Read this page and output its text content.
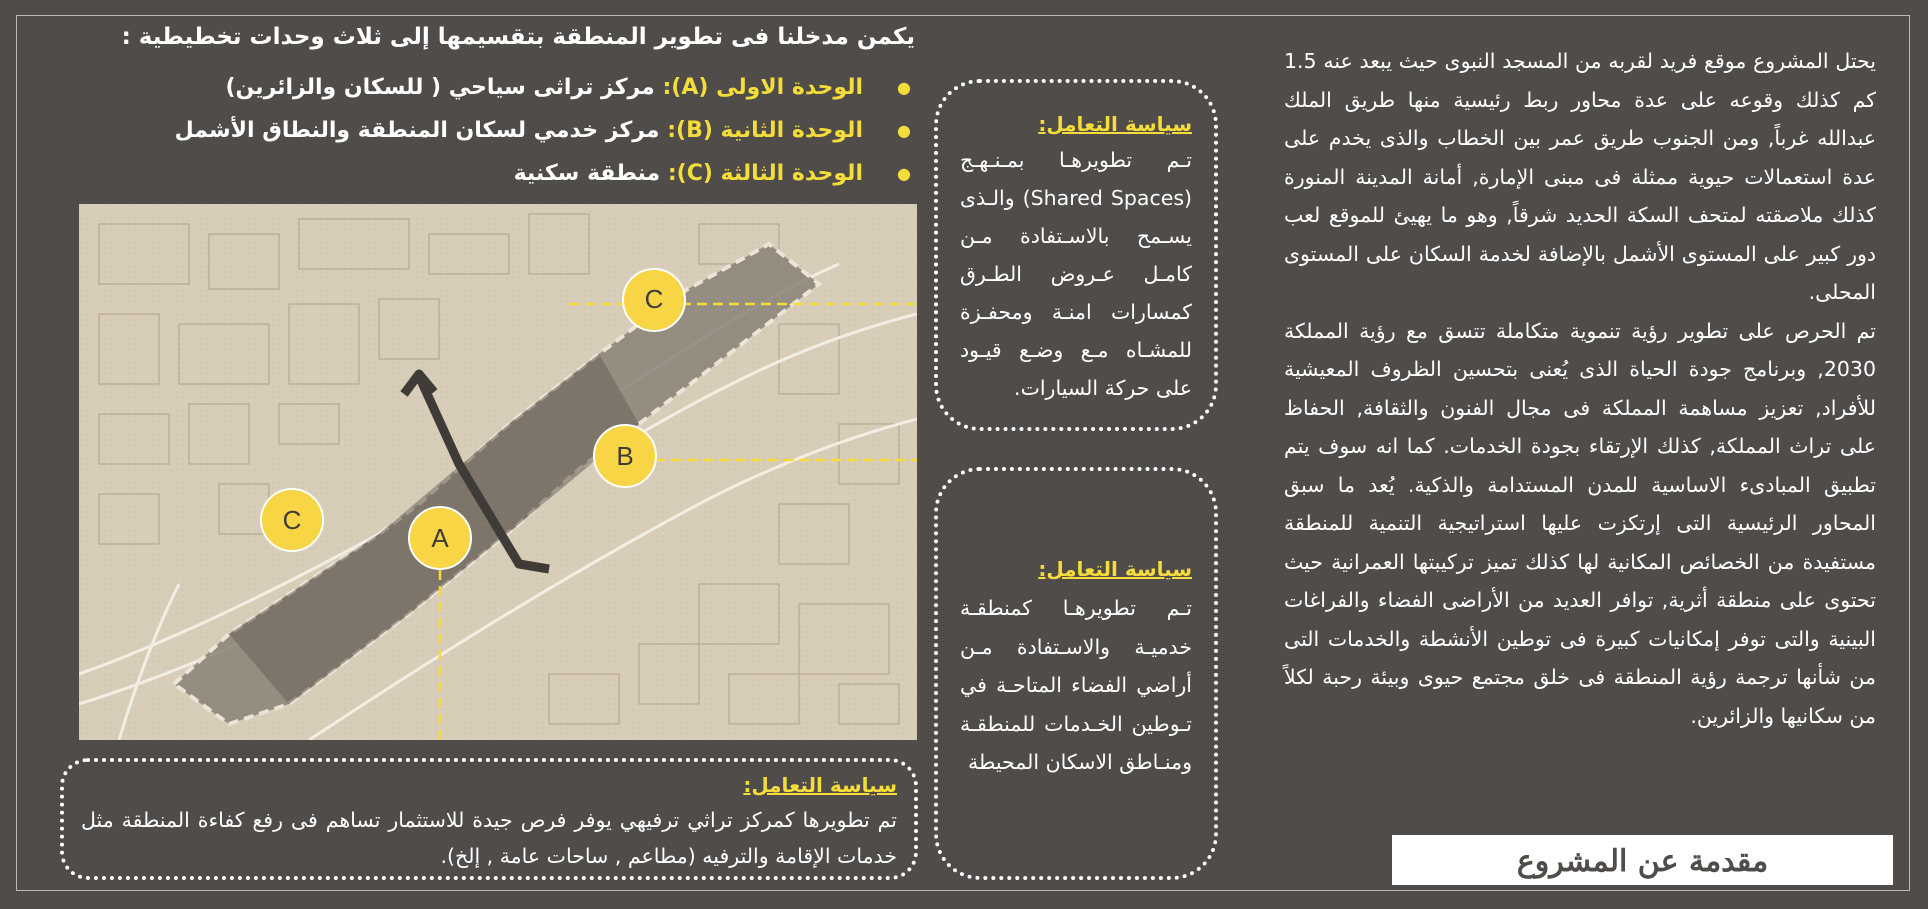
يحتل المشروع موقع فريد لقربه من المسجد النبوى حيث يبعد عنه 1.5 كم كذلك وقوعه على عدة محاور ربط رئيسية منها طريق الملك عبدالله غرباً, ومن الجنوب طريق عمر بين الخطاب والذى يخدم على عدة استعمالات حيوية ممثلة فى مبنى الإمارة, أمانة المدينة المنورة كذلك ملاصقته لمتحف السكة الحديد شرقاً, وهو ما يهيئ للموقع لعب دور كبير على المستوى الأشمل بالإضافة لخدمة السكان على المستوى المحلى.

تم الحرص على تطوير رؤية تنموية متكاملة تتسق مع رؤية المملكة 2030, وبرنامج جودة الحياة الذى يُعنى بتحسين الظروف المعيشية للأفراد, تعزيز مساهمة المملكة فى مجال الفنون والثقافة, الحفاظ على تراث المملكة, كذلك الإرتقاء بجودة الخدمات. كما انه سوف يتم تطبيق المبادىء الاساسية للمدن المستدامة والذكية. يُعد ما سبق المحاور الرئيسية التى إرتكزت عليها استراتيجية التنمية للمنطقة مستفيدة من الخصائص المكانية لها كذلك تميز تركيبتها العمرانية حيث تحتوى على منطقة أثرية, توافر العديد من الأراضى الفضاء والفراغات البينية والتى توفر إمكانيات كبيرة فى توطين الأنشطة والخدمات التى من شأنها ترجمة رؤية المنطقة فى خلق مجتمع حيوى وبيئة رحبة لكلاً من سكانيها والزائرين.

مقدمة عن المشروع
يكمن مدخلنا فى تطوير المنطقة بتقسيمها إلى ثلاث وحدات تخطيطية :
●
الوحدة الاولى (A): مركز تراثى سياحي ( للسكان والزائرين)
●
الوحدة الثانية (B): مركز خدمي لسكان المنطقة والنطاق الأشمل
●
الوحدة الثالثة (C): منطقة سكنية
C
B
C
A
سياسة التعامل:
تـم تطويرهـا بمـنـهـج (Shared Spaces) والـذى يسـمح بالاسـتفادة مـن كامـل عـروض الطـرق كمسارات امنـة ومحفـزة للمشـاه مـع وضـع قيـود على حركة السيارات.
سياسة التعامل:
تـم تطويرهـا كمنطقـة خدميـة والاسـتفادة مـن أراضي الفضاء المتاحـة في تـوطين الخـدمات للمنطقـة ومنـاطق الاسكان المحيطة
سياسة التعامل:
تم تطويرها كمركز تراثي ترفيهي يوفر فرص جيدة للاستثمار تساهم فى رفع كفاءة المنطقة مثل خدمات الإقامة والترفيه (مطاعم , ساحات عامة , إلخ).
